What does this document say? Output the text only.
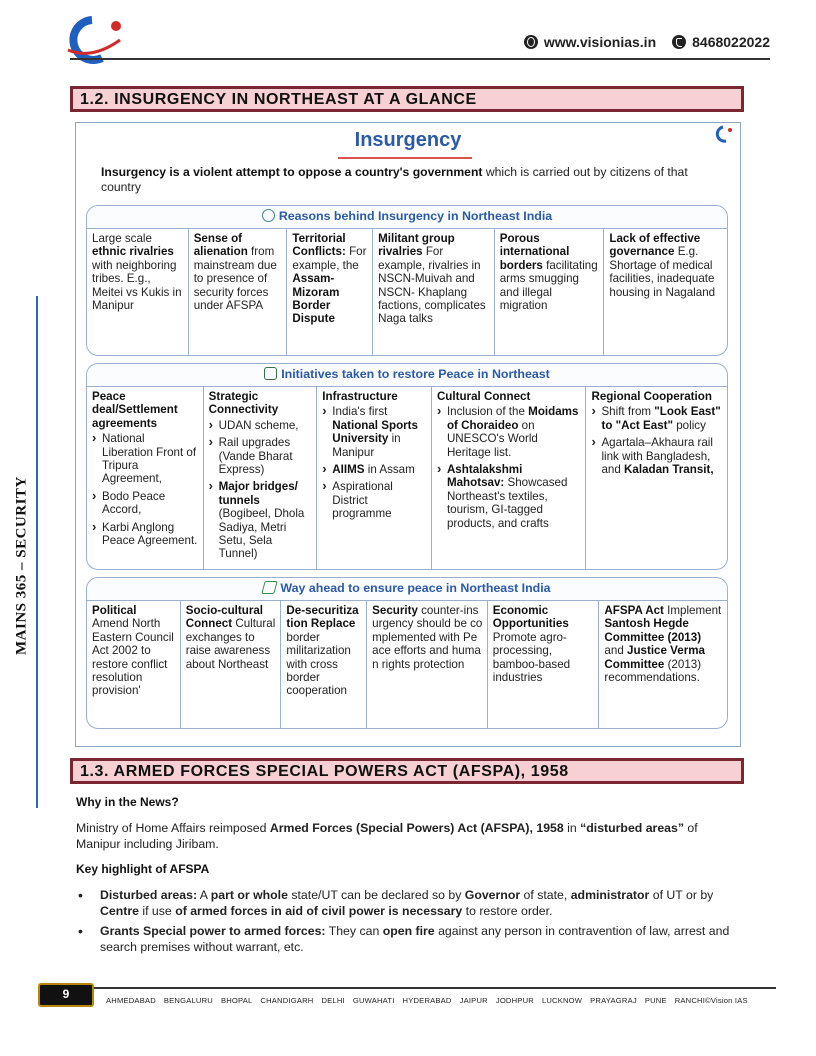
www.visionias.in	8468022022
MAINS 365 – SECURITY
1.2. INSURGENCY IN NORTHEAST AT A GLANCE
Insurgency
Insurgency is a violent attempt to oppose a country's government which is carried out by citizens of that country
Reasons behind Insurgency in Northeast India
Large scale ethnic rivalries with neighboring tribes. E.g., Meitei vs Kukis in Manipur
Sense of alienation from mainstream due to presence of security forces under AFSPA
Territorial Conflicts: For example, the Assam-Mizoram Border Dispute
Militant group rivalries For example, rivalries in NSCN-Muivah and NSCN- Khaplang factions, complicates Naga talks
Porous international borders facilitating arms smugging and illegal migration
Lack of effective governance E.g. Shortage of medical facilities, inadequate housing in Nagaland
Initiatives taken to restore Peace in Northeast
Peace deal/Settlement agreements
› National Liberation Front of Tripura Agreement,
› Bodo Peace Accord,
› Karbi Anglong Peace Agreement.
Strategic Connectivity
› UDAN scheme,
› Rail upgrades (Vande Bharat Express)
› Major bridges/ tunnels (Bogibeel, Dhola Sadiya, Metri Setu, Sela Tunnel)
Infrastructure
› India's first National Sports University in Manipur
› AIIMS in Assam
› Aspirational District programme
Cultural Connect
› Inclusion of the Moidams of Choraideo on UNESCO's World Heritage list.
› Ashtalakshmi Mahotsav: Showcased Northeast's textiles, tourism, GI-tagged products, and crafts
Regional Cooperation
› Shift from "Look East" to "Act East" policy
› Agartala–Akhaura rail link with Bangladesh, and Kaladan Transit,
Way ahead to ensure peace in Northeast India
Political Amend North Eastern Council Act 2002 to restore conflict resolution provision'
Socio-cultural Connect Cultural exchanges to raise awareness about Northeast
De-securitization Replace border militarization with cross border cooperation
Security counter-insurgency should be complemented with Peace efforts and human rights protection
Economic Opportunities Promote agro-processing, bamboo-based industries
AFSPA Act Implement Santosh Hegde Committee (2013) and Justice Verma Committee (2013) recommendations.
1.3. ARMED FORCES SPECIAL POWERS ACT (AFSPA), 1958
Why in the News?
Ministry of Home Affairs reimposed Armed Forces (Special Powers) Act (AFSPA), 1958 in “disturbed areas” of Manipur including Jiribam.
Key highlight of AFSPA
• Disturbed areas: A part or whole state/UT can be declared so by Governor of state, administrator of UT or by Centre if use of armed forces in aid of civil power is necessary to restore order.
• Grants Special power to armed forces: They can open fire against any person in contravention of law, arrest and search premises without warrant, etc.
9	AHMEDABAD BENGALURU BHOPAL CHANDIGARH DELHI GUWAHATI HYDERABAD JAIPUR JODHPUR LUCKNOW PRAYAGRAJ PUNE RANCHI©Vision IAS
